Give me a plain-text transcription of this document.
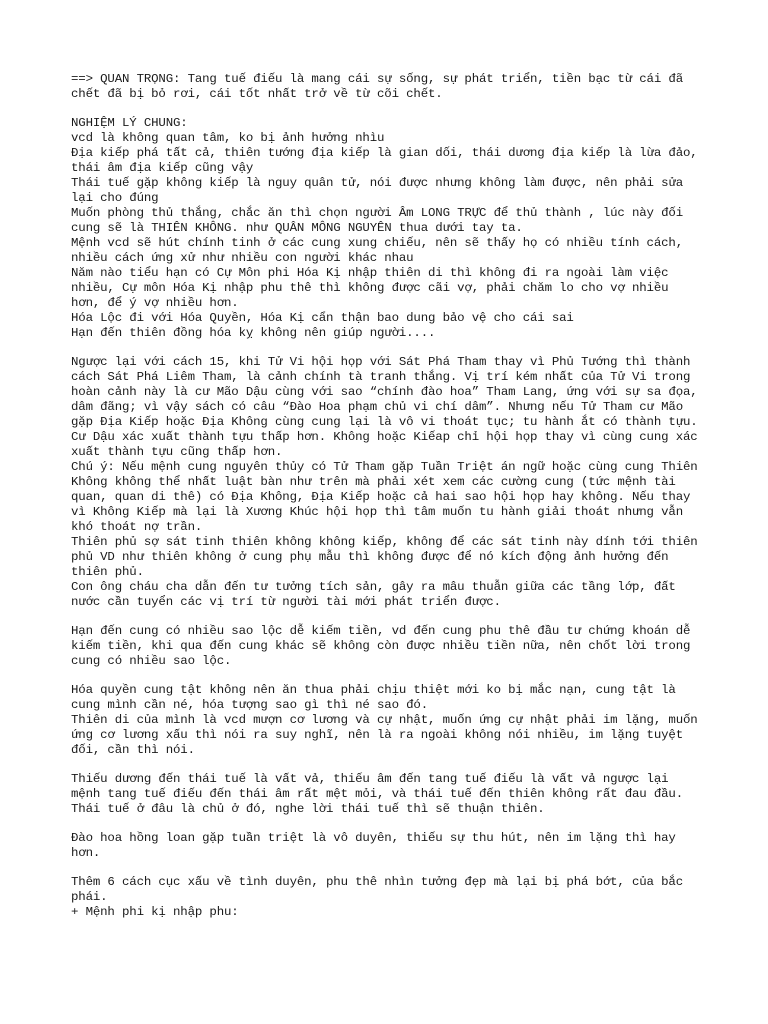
==> QUAN TRỌNG: Tang tuế điếu là mang cái sự sống, sự phát triển, tiền bạc từ cái đã chết đã bị bỏ rơi, cái tốt nhất trở về từ cõi chết.
NGHIỆM LÝ CHUNG:
vcd là không quan tâm, ko bị ảnh hưởng nhìu
Địa kiếp phá tất cả, thiên tướng địa kiếp là gian dối, thái dương địa kiếp là lừa đảo, thái âm địa kiếp cũng vậy
Thái tuế gặp không kiếp là nguy quân tử, nói được nhưng không làm được, nên phải sửa lại cho đúng
Muốn phòng thủ thắng, chắc ăn thì chọn người Âm LONG TRỰC để thủ thành , lúc này đối cung sẽ là THIÊN KHÔNG. như QUÂN MÔNG NGUYÊN thua dưới tay ta.
Mệnh vcd sẽ hút chính tinh ở các cung xung chiếu, nên sẽ thấy họ có nhiều tính cách, nhiều cách ứng xử như nhiều con người khác nhau
Năm nào tiểu hạn có Cự Môn phi Hóa Kị nhập thiên di thì không đi ra ngoài làm việc nhiều, Cự môn Hóa Kị nhập phu thê thì không được cãi vợ, phải chăm lo cho vợ nhiều hơn, để ý vợ nhiều hơn.
Hóa Lộc đi với Hóa Quyền, Hóa Kị cẩn thận bao dung bảo vệ cho cái sai
Hạn đến thiên đồng hóa kỵ không nên giúp người....
Ngược lại với cách 15, khi Tử Vi hội họp với Sát Phá Tham thay vì Phủ Tướng thì thành cách Sát Phá Liêm Tham, là cảnh chính tà tranh thắng. Vị trí kém nhất của Tử Vi trong hoàn cảnh này là cư Mão Dậu cùng với sao “chính đào hoa” Tham Lang, ứng với sự sa đọa, dâm đãng; vì vậy sách có câu “Đào Hoa phạm chủ vi chí dâm”. Nhưng nếu Tử Tham cư Mão gặp Địa Kiếp hoặc Địa Không cùng cung lại là vô vi thoát tục; tu hành ắt có thành tựu. Cư Dậu xác xuất thành tựu thấp hơn. Không hoặc Kiếap chỉ hội họp thay vì cùng cung xác xuất thành tựu cũng thấp hơn.
Chú ý: Nếu mệnh cung nguyên thủy có Tử Tham gặp Tuần Triệt án ngữ hoặc cùng cung Thiên Không không thể nhất luật bàn như trên mà phải xét xem các cường cung (tức mệnh tài quan, quan di thê) có Địa Không, Địa Kiếp hoặc cả hai sao hội họp hay không. Nếu thay vì Không Kiếp mà lại là Xương Khúc hội họp thì tâm muốn tu hành giải thoát nhưng vẫn khó thoát nợ trần.
Thiên phủ sợ sát tinh thiên không không kiếp, không để các sát tinh này dính tới thiên phủ VD như thiên không ở cung phụ mẫu thì không được để nó kích động ảnh hưởng đến thiên phủ.
Con ông cháu cha dẫn đến tư tưởng tích sản, gây ra mâu thuẫn giữa các tầng lớp, đất nước cần tuyển các vị trí từ người tài mới phát triển được.
Hạn đến cung có nhiều sao lộc dễ kiếm tiền, vd đến cung phu thê đầu tư chứng khoán dễ kiếm tiền, khi qua đến cung khác sẽ không còn được nhiều tiền nữa, nên chốt lời trong cung có nhiều sao lộc.
Hóa quyền cung tật không nên ăn thua phải chịu thiệt mới ko bị mắc nạn, cung tật là cung mình cần né, hóa tượng sao gì thì né sao đó.
Thiên di của mình là vcd mượn cơ lương và cự nhật, muốn ứng cự nhật phải im lặng, muốn ứng cơ lương xấu thì nói ra suy nghĩ, nên là ra ngoài không nói nhiều, im lặng tuyệt đối, cần thì nói.
Thiếu dương đến thái tuế là vất vả, thiếu âm đến tang tuế điếu là vất vả ngược lại mệnh tang tuế điếu đến thái âm rất mệt mỏi, và thái tuế đến thiên không rất đau đầu.
Thái tuế ở đâu là chủ ở đó, nghe lời thái tuế thì sẽ thuận thiên.
Đào hoa hồng loan gặp tuần triệt là vô duyên, thiếu sự thu hút, nên im lặng thì hay hơn.
Thêm 6 cách cục xấu về tình duyên, phu thê nhìn tưởng đẹp mà lại bị phá bớt, của bắc phái.
+ Mệnh phi kị nhập phu:
